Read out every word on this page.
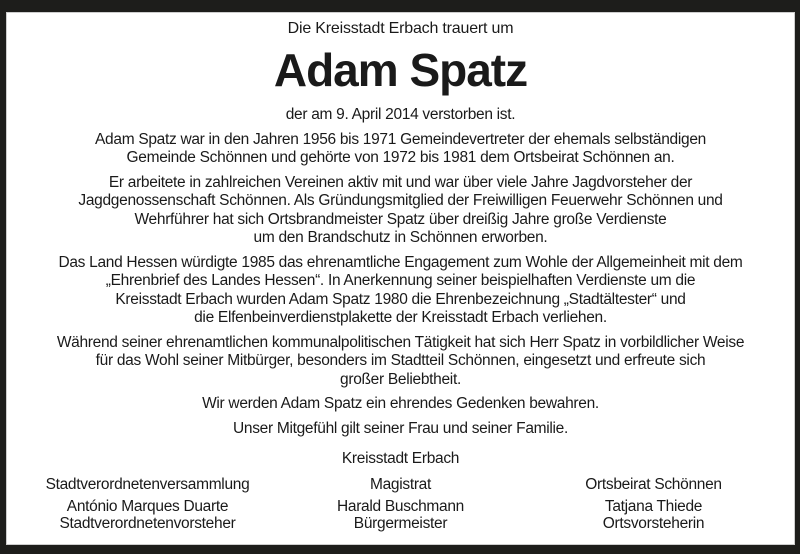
Die Kreisstadt Erbach trauert um
Adam Spatz
der am 9. April 2014 verstorben ist.
Adam Spatz war in den Jahren 1956 bis 1971 Gemeindevertreter der ehemals selbständigen
Gemeinde Schönnen und gehörte von 1972 bis 1981 dem Ortsbeirat Schönnen an.
Er arbeitete in zahlreichen Vereinen aktiv mit und war über viele Jahre Jagdvorsteher der
Jagdgenossenschaft Schönnen. Als Gründungsmitglied der Freiwilligen Feuerwehr Schönnen und
Wehrführer hat sich Ortsbrandmeister Spatz über dreißig Jahre große Verdienste
um den Brandschutz in Schönnen erworben.
Das Land Hessen würdigte 1985 das ehrenamtliche Engagement zum Wohle der Allgemeinheit mit dem
„Ehrenbrief des Landes Hessen“. In Anerkennung seiner beispielhaften Verdienste um die
Kreisstadt Erbach wurden Adam Spatz 1980 die Ehrenbezeichnung „Stadtältester“ und
die Elfenbeinverdienstplakette der Kreisstadt Erbach verliehen.
Während seiner ehrenamtlichen kommunalpolitischen Tätigkeit hat sich Herr Spatz in vorbildlicher Weise
für das Wohl seiner Mitbürger, besonders im Stadtteil Schönnen, eingesetzt und erfreute sich
großer Beliebtheit.
Wir werden Adam Spatz ein ehrendes Gedenken bewahren.
Unser Mitgefühl gilt seiner Frau und seiner Familie.
Kreisstadt Erbach
Stadtverordnetenversammlung
António Marques Duarte
Stadtverordnetenvorsteher
Magistrat
Harald Buschmann
Bürgermeister
Ortsbeirat Schönnen
Tatjana Thiede
Ortsvorsteherin
